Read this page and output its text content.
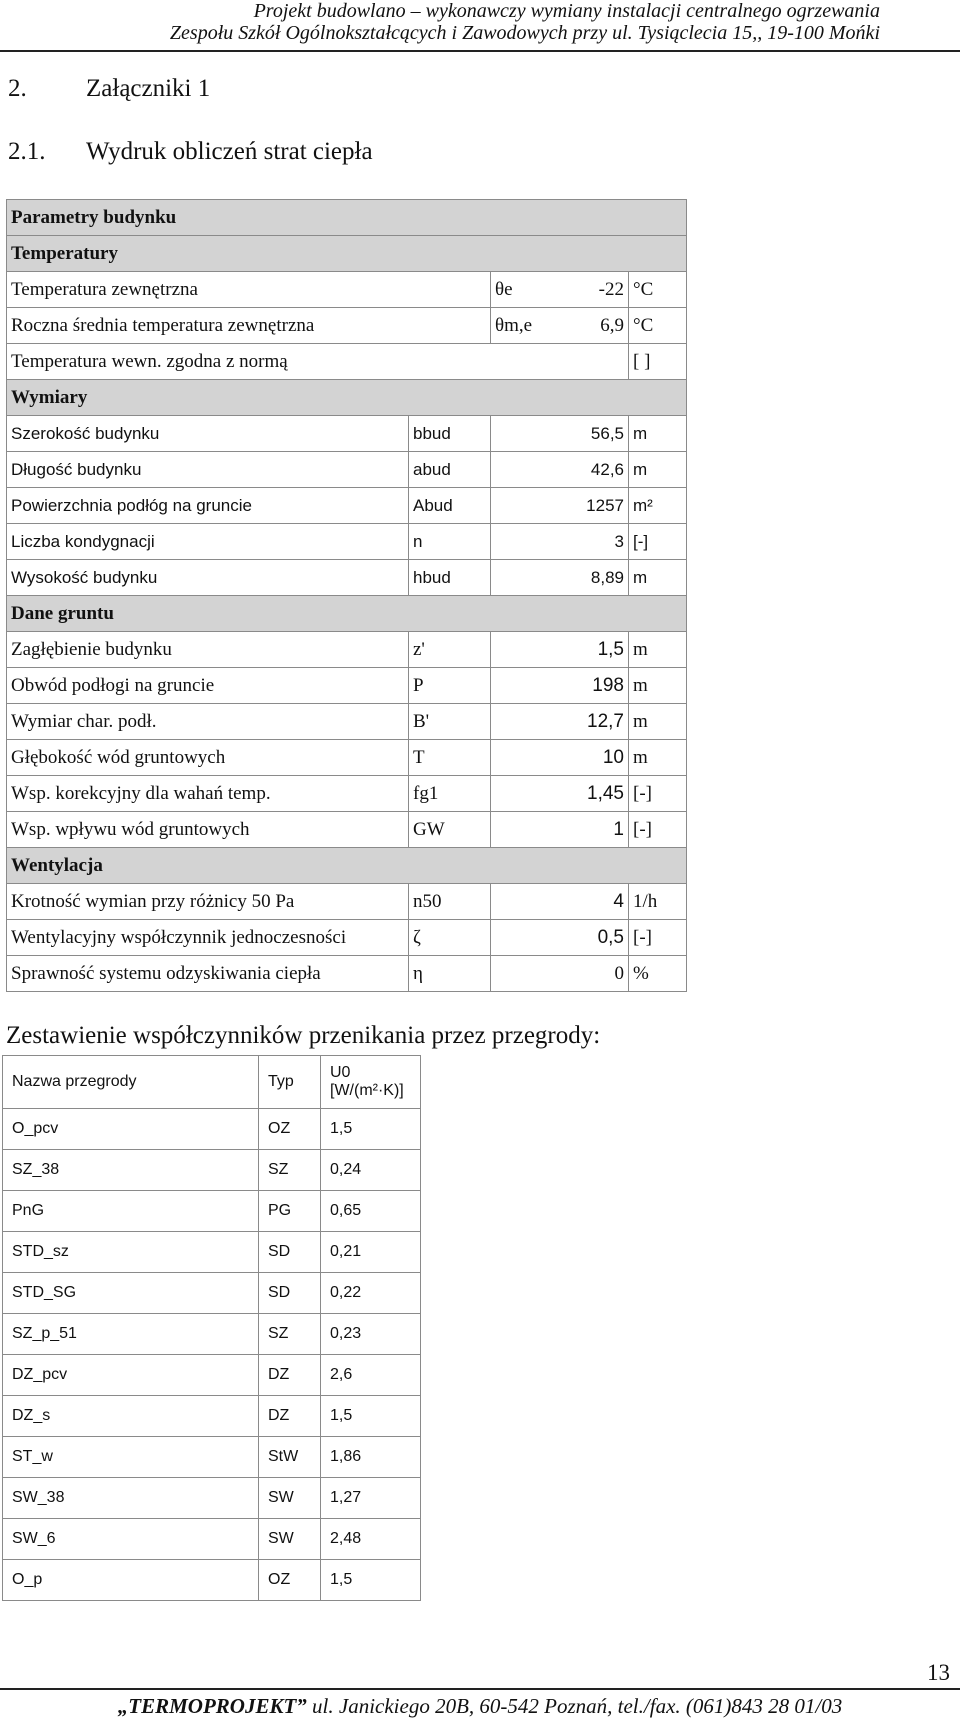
Projekt budowlano – wykonawczy wymiany instalacji centralnego ogrzewania
Zespołu Szkół Ogólnokształcących i Zawodowych przy ul. Tysiąclecia 15,, 19-100 Mońki
2. Załączniki 1
2.1. Wydruk obliczeń strat ciepła
Parametry budynku			
Temperatury			
Temperatura zewnętrzna		θe -22	°C
Roczna średnia temperatura zewnętrzna		θm,e 6,9	°C
Temperatura wewn. zgodna z normą			[ ]
Wymiary			
Szerokość budynku	bbud	56,5	m
Długość budynku	abud	42,6	m
Powierzchnia podłóg na gruncie	Abud	1257	m²
Liczba kondygnacji	n	3	[-]
Wysokość budynku	hbud	8,89	m
Dane gruntu			
Zagłębienie budynku	z'	1,5	m
Obwód podłogi na gruncie	P	198	m
Wymiar char. podł.	B'	12,7	m
Głębokość wód gruntowych	T	10	m
Wsp. korekcyjny dla wahań temp.	fg1	1,45	[-]
Wsp. wpływu wód gruntowych	GW	1	[-]
Wentylacja			
Krotność wymian przy różnicy 50 Pa	n50	4	1/h
Wentylacyjny współczynnik jednoczesności	ζ	0,5	[-]
Sprawność systemu odzyskiwania ciepła	η	0	%
Zestawienie współczynników przenikania przez przegrody:
Nazwa przegrody	Typ	U0
[W/(m²·K)]

O_pcv	OZ	1,5
SZ_38	SZ	0,24
PnG	PG	0,65
STD_sz	SD	0,21
STD_SG	SD	0,22
SZ_p_51	SZ	0,23
DZ_pcv	DZ	2,6
DZ_s	DZ	1,5
ST_w	StW	1,86
SW_38	SW	1,27
SW_6	SW	2,48
O_p	OZ	1,5
13
„TERMOPROJEKT” ul. Janickiego 20B, 60-542 Poznań, tel./fax. (061)843 28 01/03
